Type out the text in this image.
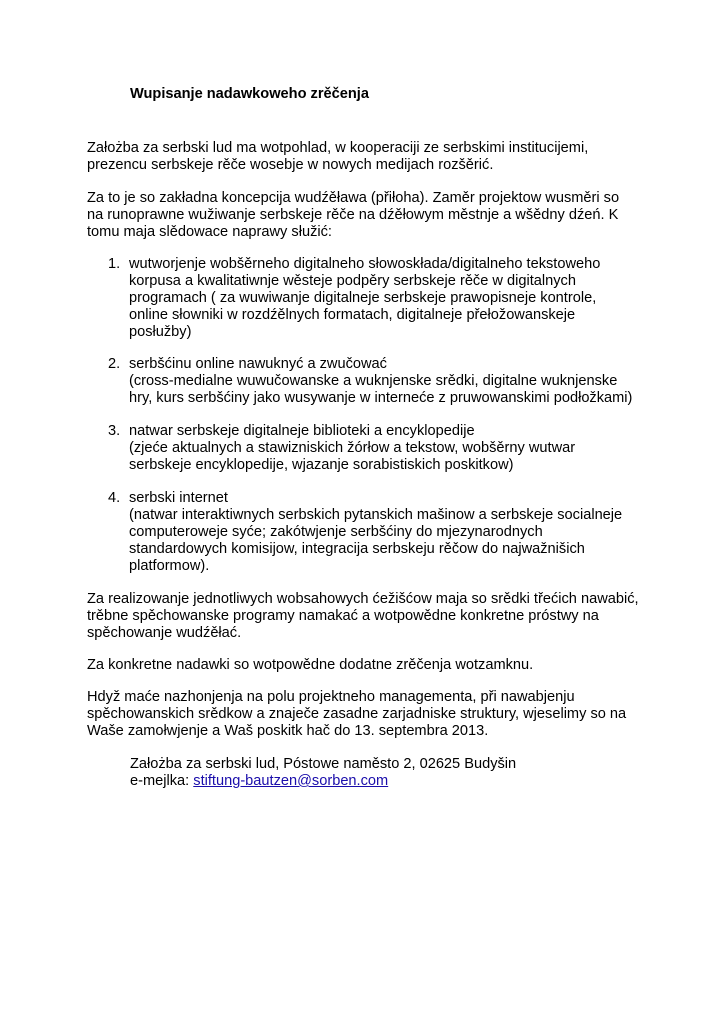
Wupisanje nadawkoweho zrěčenja
Założba za serbski lud ma wotpohlad, w kooperaciji ze serbskimi institucijemi,
prezencu serbskeje rěče wosebje w nowych medijach rozšěrić.
Za to je so zakładna koncepcija wudźěława (přiłoha). Zaměr projektow wusměri so
na runoprawne wužiwanje serbskeje rěče na dźěłowym městnje a wšědny dźeń. K
tomu maja slědowace naprawy słužić:
1. wutworjenje wobšěrneho digitalneho słowoskłada/digitalneho tekstoweho
korpusa a kwalitatiwnje wěsteje podpěry serbskeje rěče w digitalnych
programach ( za wuwiwanje digitalneje serbskeje prawopisneje kontrole,
online słowniki w rozdźělnych formatach, digitalneje přełožowanskeje
posłužby)
2. serbšćinu online nawuknyć a zwučować
(cross-medialne wuwučowanske a wuknjenske srědki, digitalne wuknjenske
hry, kurs serbšćiny jako wusywanje w interneće z pruwowanskimi podłožkami)
3. natwar serbskeje digitalneje biblioteki a encyklopedije
(zjeće aktualnych a stawizniskich žórłow a tekstow, wobšěrny wutwar
serbskeje encyklopedije, wjazanje sorabistiskich poskitkow)
4. serbski internet
(natwar interaktiwnych serbskich pytanskich mašinow a serbskeje socialneje
computeroweje syće; zakótwjenje serbšćiny do mjezynarodnych
standardowych komisijow, integracija serbskeju rěčow do najwažnišich
platformow).
Za realizowanje jednotliwych wobsahowych ćežišćow maja so srědki třećich nawabić,
trěbne spěchowanske programy namakać a wotpowědne konkretne próstwy na
spěchowanje wudźěłać.
Za konkretne nadawki so wotpowědne dodatne zrěčenja wotzamknu.
Hdyž maće nazhonjenja na polu projektneho managementa, při nawabjenju
spěchowanskich srědkow a znaječe zasadne zarjadniske struktury, wjeselimy so na
Waše zamołwjenje a Waš poskitk hač do 13. septembra 2013.
Założba za serbski lud, Póstowe naměsto 2, 02625 Budyšin
e-mejlka: stiftung-bautzen@sorben.com
